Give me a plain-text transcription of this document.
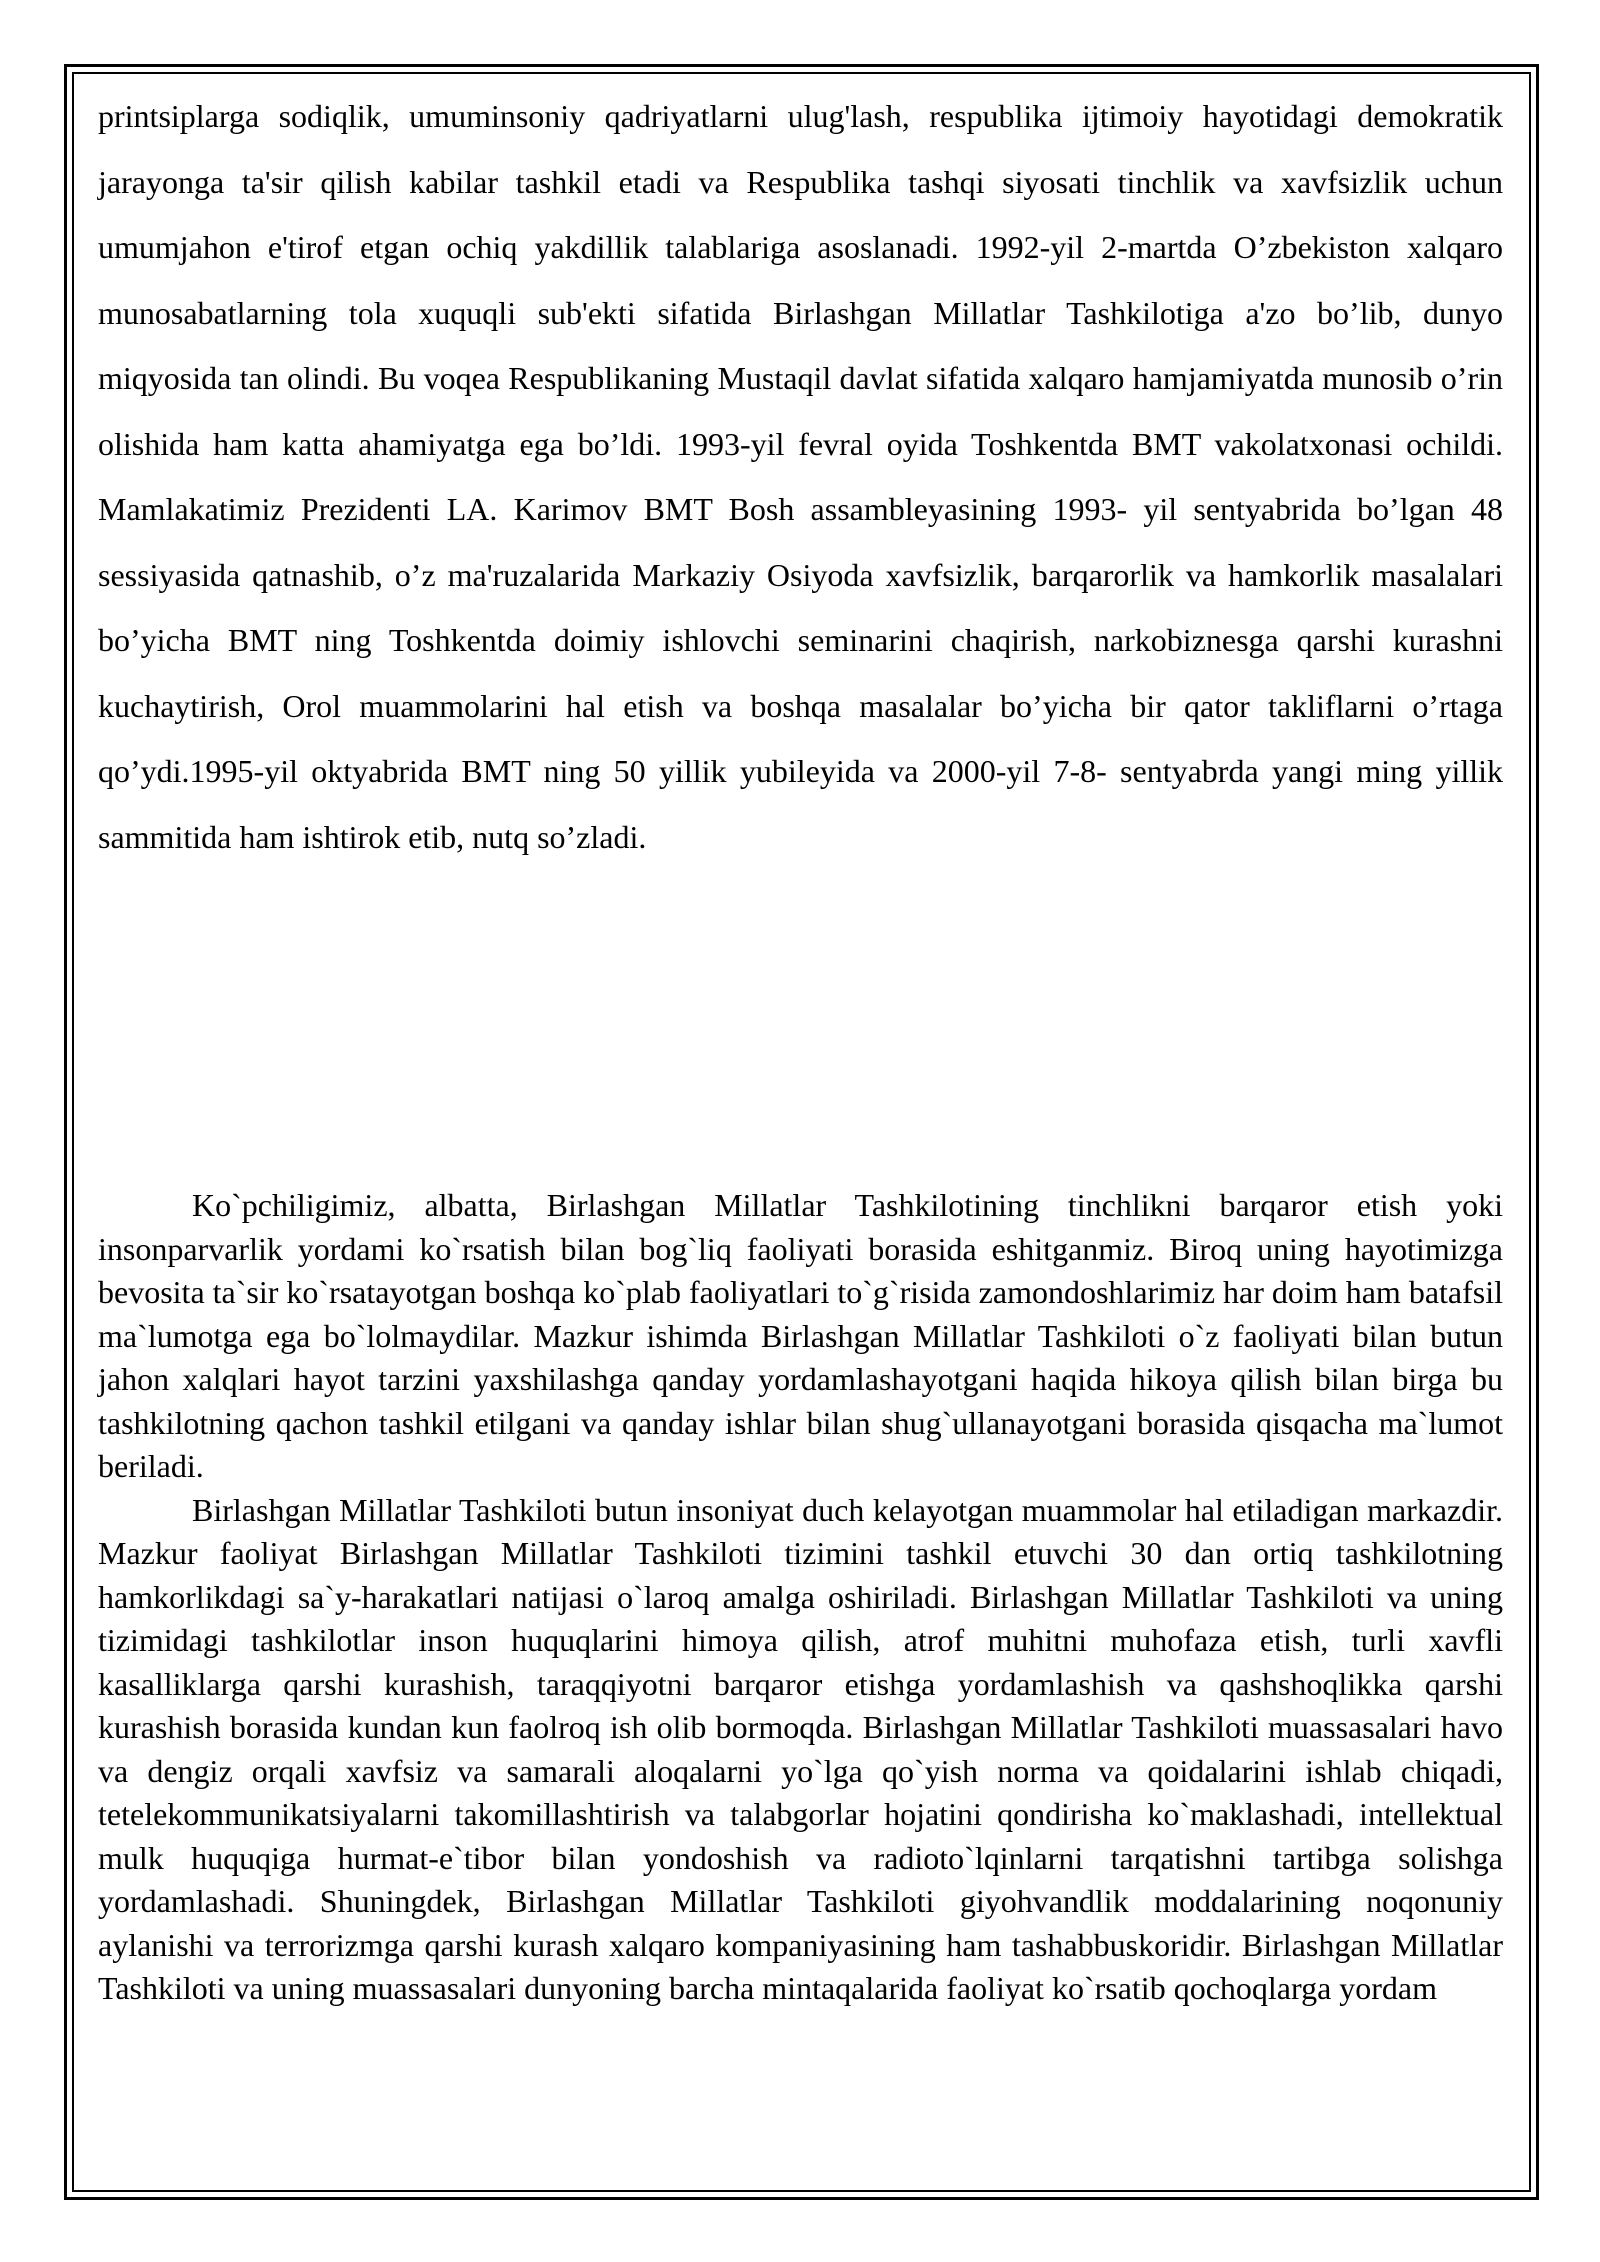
printsiplarga sodiqlik, umuminsoniy qadriyatlarni ulug'lash, respublika ijtimoiy hayotidagi demokratik jarayonga ta'sir qilish kabilar tashkil etadi va Respublika tashqi siyosati tinchlik va xavfsizlik uchun umumjahon e'tirof etgan ochiq yakdillik talablariga asoslanadi. 1992-yil 2-martda O’zbekiston xalqaro munosabatlarning tola xuquqli sub'ekti sifatida Birlashgan Millatlar Tashkilotiga a'zo bo’lib, dunyo miqyosida tan olindi. Bu voqea Respublikaning Mustaqil davlat sifatida xalqaro hamjamiyatda munosib o’rin olishida ham katta ahamiyatga ega bo’ldi. 1993-yil fevral oyida Toshkentda BMT vakolatxonasi ochildi. Mamlakatimiz Prezidenti LA. Karimov BMT Bosh assambleyasining 1993- yil sentyabrida bo’lgan 48 sessiyasida qatnashib, o’z ma'ruzalarida Markaziy Osiyoda xavfsizlik, barqarorlik va hamkorlik masalalari bo’yicha BMT ning Toshkentda doimiy ishlovchi seminarini chaqirish, narkobiznesga qarshi kurashni kuchaytirish, Orol muammolarini hal etish va boshqa masalalar bo’yicha bir qator takliflarni o’rtaga qo’ydi.1995-yil oktyabrida BMT ning 50 yillik yubileyida va 2000-yil 7-8- sentyabrda yangi ming yillik sammitida ham ishtirok etib, nutq so’zladi.

Ko`pchiligimiz, albatta, Birlashgan Millatlar Tashkilotining tinchlikni barqaror etish yoki insonparvarlik yordami ko`rsatish bilan bog`liq faoliyati borasida eshitganmiz. Biroq uning hayotimizga bevosita ta`sir ko`rsatayotgan boshqa ko`plab faoliyatlari to`g`risida zamondoshlarimiz har doim ham batafsil ma`lumotga ega bo`lolmaydilar. Mazkur ishimda Birlashgan Millatlar Tashkiloti o`z faoliyati bilan butun jahon xalqlari hayot tarzini yaxshilashga qanday yordamlashayotgani haqida hikoya qilish bilan birga bu tashkilotning qachon tashkil etilgani va qanday ishlar bilan shug`ullanayotgani borasida qisqacha ma`lumot beriladi.

Birlashgan Millatlar Tashkiloti butun insoniyat duch kelayotgan muammolar hal etiladigan markazdir. Mazkur faoliyat Birlashgan Millatlar Tashkiloti tizimini tashkil etuvchi 30 dan ortiq tashkilotning hamkorlikdagi sa`y-harakatlari natijasi o`laroq amalga oshiriladi. Birlashgan Millatlar Tashkiloti va uning tizimidagi tashkilotlar inson huquqlarini himoya qilish, atrof muhitni muhofaza etish, turli xavfli kasalliklarga qarshi kurashish, taraqqiyotni barqaror etishga yordamlashish va qashshoqlikka qarshi kurashish borasida kundan kun faolroq ish olib bormoqda. Birlashgan Millatlar Tashkiloti muassasalari havo va dengiz orqali xavfsiz va samarali aloqalarni yo`lga qo`yish norma va qoidalarini ishlab chiqadi, tetelekommunikatsiyalarni takomillashtirish va talabgorlar hojatini qondirisha ko`maklashadi, intellektual mulk huquqiga hurmat-e`tibor bilan yondoshish va radioto`lqinlarni tarqatishni tartibga solishga yordamlashadi. Shuningdek, Birlashgan Millatlar Tashkiloti giyohvandlik moddalarining noqonuniy aylanishi va terrorizmga qarshi kurash xalqaro kompaniyasining ham tashabbuskoridir. Birlashgan Millatlar Tashkiloti va uning muassasalari dunyoning barcha mintaqalarida faoliyat ko`rsatib qochoqlarga yordam
